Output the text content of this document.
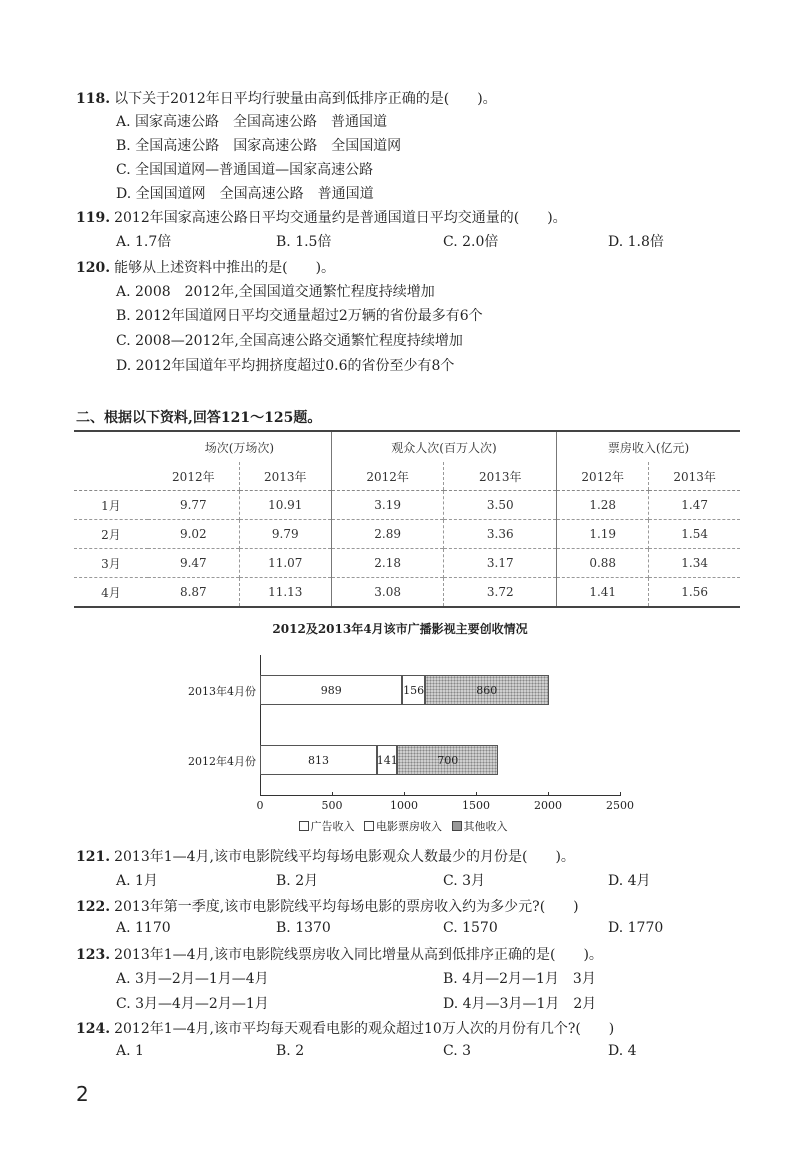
118. 以下关于2012年日平均行驶量由高到低排序正确的是(　　)。
A. 国家高速公路　全国高速公路　普通国道
B. 全国高速公路　国家高速公路　全国国道网
C. 全国国道网—普通国道—国家高速公路
D. 全国国道网　全国高速公路　普通国道
119. 2012年国家高速公路日平均交通量约是普通国道日平均交通量的(　　)。
A. 1.7倍	B. 1.5倍	C. 2.0倍	D. 1.8倍
120. 能够从上述资料中推出的是(　　)。
A. 2008　2012年,全国国道交通繁忙程度持续增加
B. 2012年国道网日平均交通量超过2万辆的省份最多有6个
C. 2008—2012年,全国高速公路交通繁忙程度持续增加
D. 2012年国道年平均拥挤度超过0.6的省份至少有8个
二、根据以下资料,回答121～125题。
	场次(万场次)		观众人次(百万人次)		票房收入(亿元)	
	2012年	2013年	2012年	2013年	2012年	2013年
1月	9.77	10.91	3.19	3.50	1.28	1.47
2月	9.02	9.79	2.89	3.36	1.19	1.54
3月	9.47	11.07	2.18	3.17	0.88	1.34
4月	8.87	11.13	3.08	3.72	1.41	1.56
2012及2013年4月该市广播影视主要创收情况
0	500	1000	1500	2000	2500
2013年4月份	989	156	860
2012年4月份	813	141	700
广告收入 电影票房收入 其他收入
121. 2013年1—4月,该市电影院线平均每场电影观众人数最少的月份是(　　)。
A. 1月	B. 2月	C. 3月	D. 4月
122. 2013年第一季度,该市电影院线平均每场电影的票房收入约为多少元?(　　)
A. 1170	B. 1370	C. 1570	D. 1770
123. 2013年1—4月,该市电影院线票房收入同比增量从高到低排序正确的是(　　)。
A. 3月—2月—1月—4月	B. 4月—2月—1月　3月
C. 3月—4月—2月—1月	D. 4月—3月—1月　2月
124. 2012年1—4月,该市平均每天观看电影的观众超过10万人次的月份有几个?(　　)
A. 1	B. 2	C. 3	D. 4
2
